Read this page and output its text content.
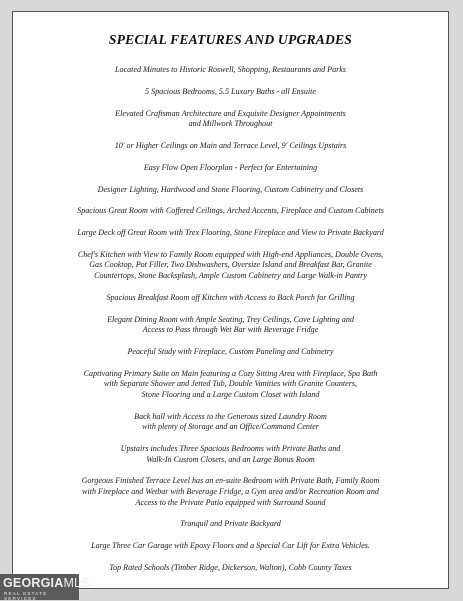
SPECIAL FEATURES AND UPGRADES
Located Minutes to Historic Roswell, Shopping, Restaurants and Parks
5 Spacious Bedrooms, 5.5 Luxury Baths - all Ensuite
Elevated Craftsman Architecture and Exquisite Designer Appointments
and Millwork Throughout
10' or Higher Ceilings on Main and Terrace Level, 9' Ceilings Upstairs
Easy Flow Open Floorplan - Perfect for Entertaining
Designer Lighting, Hardwood and Stone Flooring, Custom Cabinetry and Closets
Spacious Great Room with Coffered Ceilings, Arched Accents, Fireplace and Custom Cabinets
Large Deck off Great Room with Trex Flooring, Stone Fireplace and View to Private Backyard
Chef's Kitchen with View to Family Room equipped with High-end Appliances, Double Ovens,
Gas Cooktop, Pot Filler, Two Dishwashers, Oversize Island and Breakfast Bar, Granite
Countertops, Stone Backsplash, Ample Custom Cabinetry and Large Walk-in Pantry
Spacious Breakfast Room off Kitchen with Access to Back Porch for Grilling
Elegant Dining Room with Ample Seating, Trey Ceilings, Cove Lighting and
Access to Pass through Wet Bar with Beverage Fridge
Peaceful Study with Fireplace, Custom Paneling and Cabinetry
Captivating Primary Suite on Main featuring a Cozy Sitting Area with Fireplace, Spa Bath
with Separate Shower and Jetted Tub, Double Vanities with Granite Counters,
Stone Flooring and a Large Custom Closet with Island
Back hall with Access to the Generous sized Laundry Room
with plenty of Storage and an Office/Command Center
Upstairs includes Three Spacious Bedrooms with Private Baths and
Walk-In Custom Closets, and an Large Bonus Room
Gorgeous Finished Terrace Level has an en-suite Bedroom with Private Bath, Family Room
with Fireplace and Wetbar with Beverage Fridge, a Gym area and/or Recreation Room and
Access to the Private Patio equipped with Surround Sound
Tranquil and Private Backyard
Large Three Car Garage with Epoxy Floors and a Special Car Lift for Extra Vehicles.
Top Rated Schools (Timber Ridge, Dickerson, Walton), Cobb County Taxes
GEORGIAMLS
REAL ESTATE SERVICES
